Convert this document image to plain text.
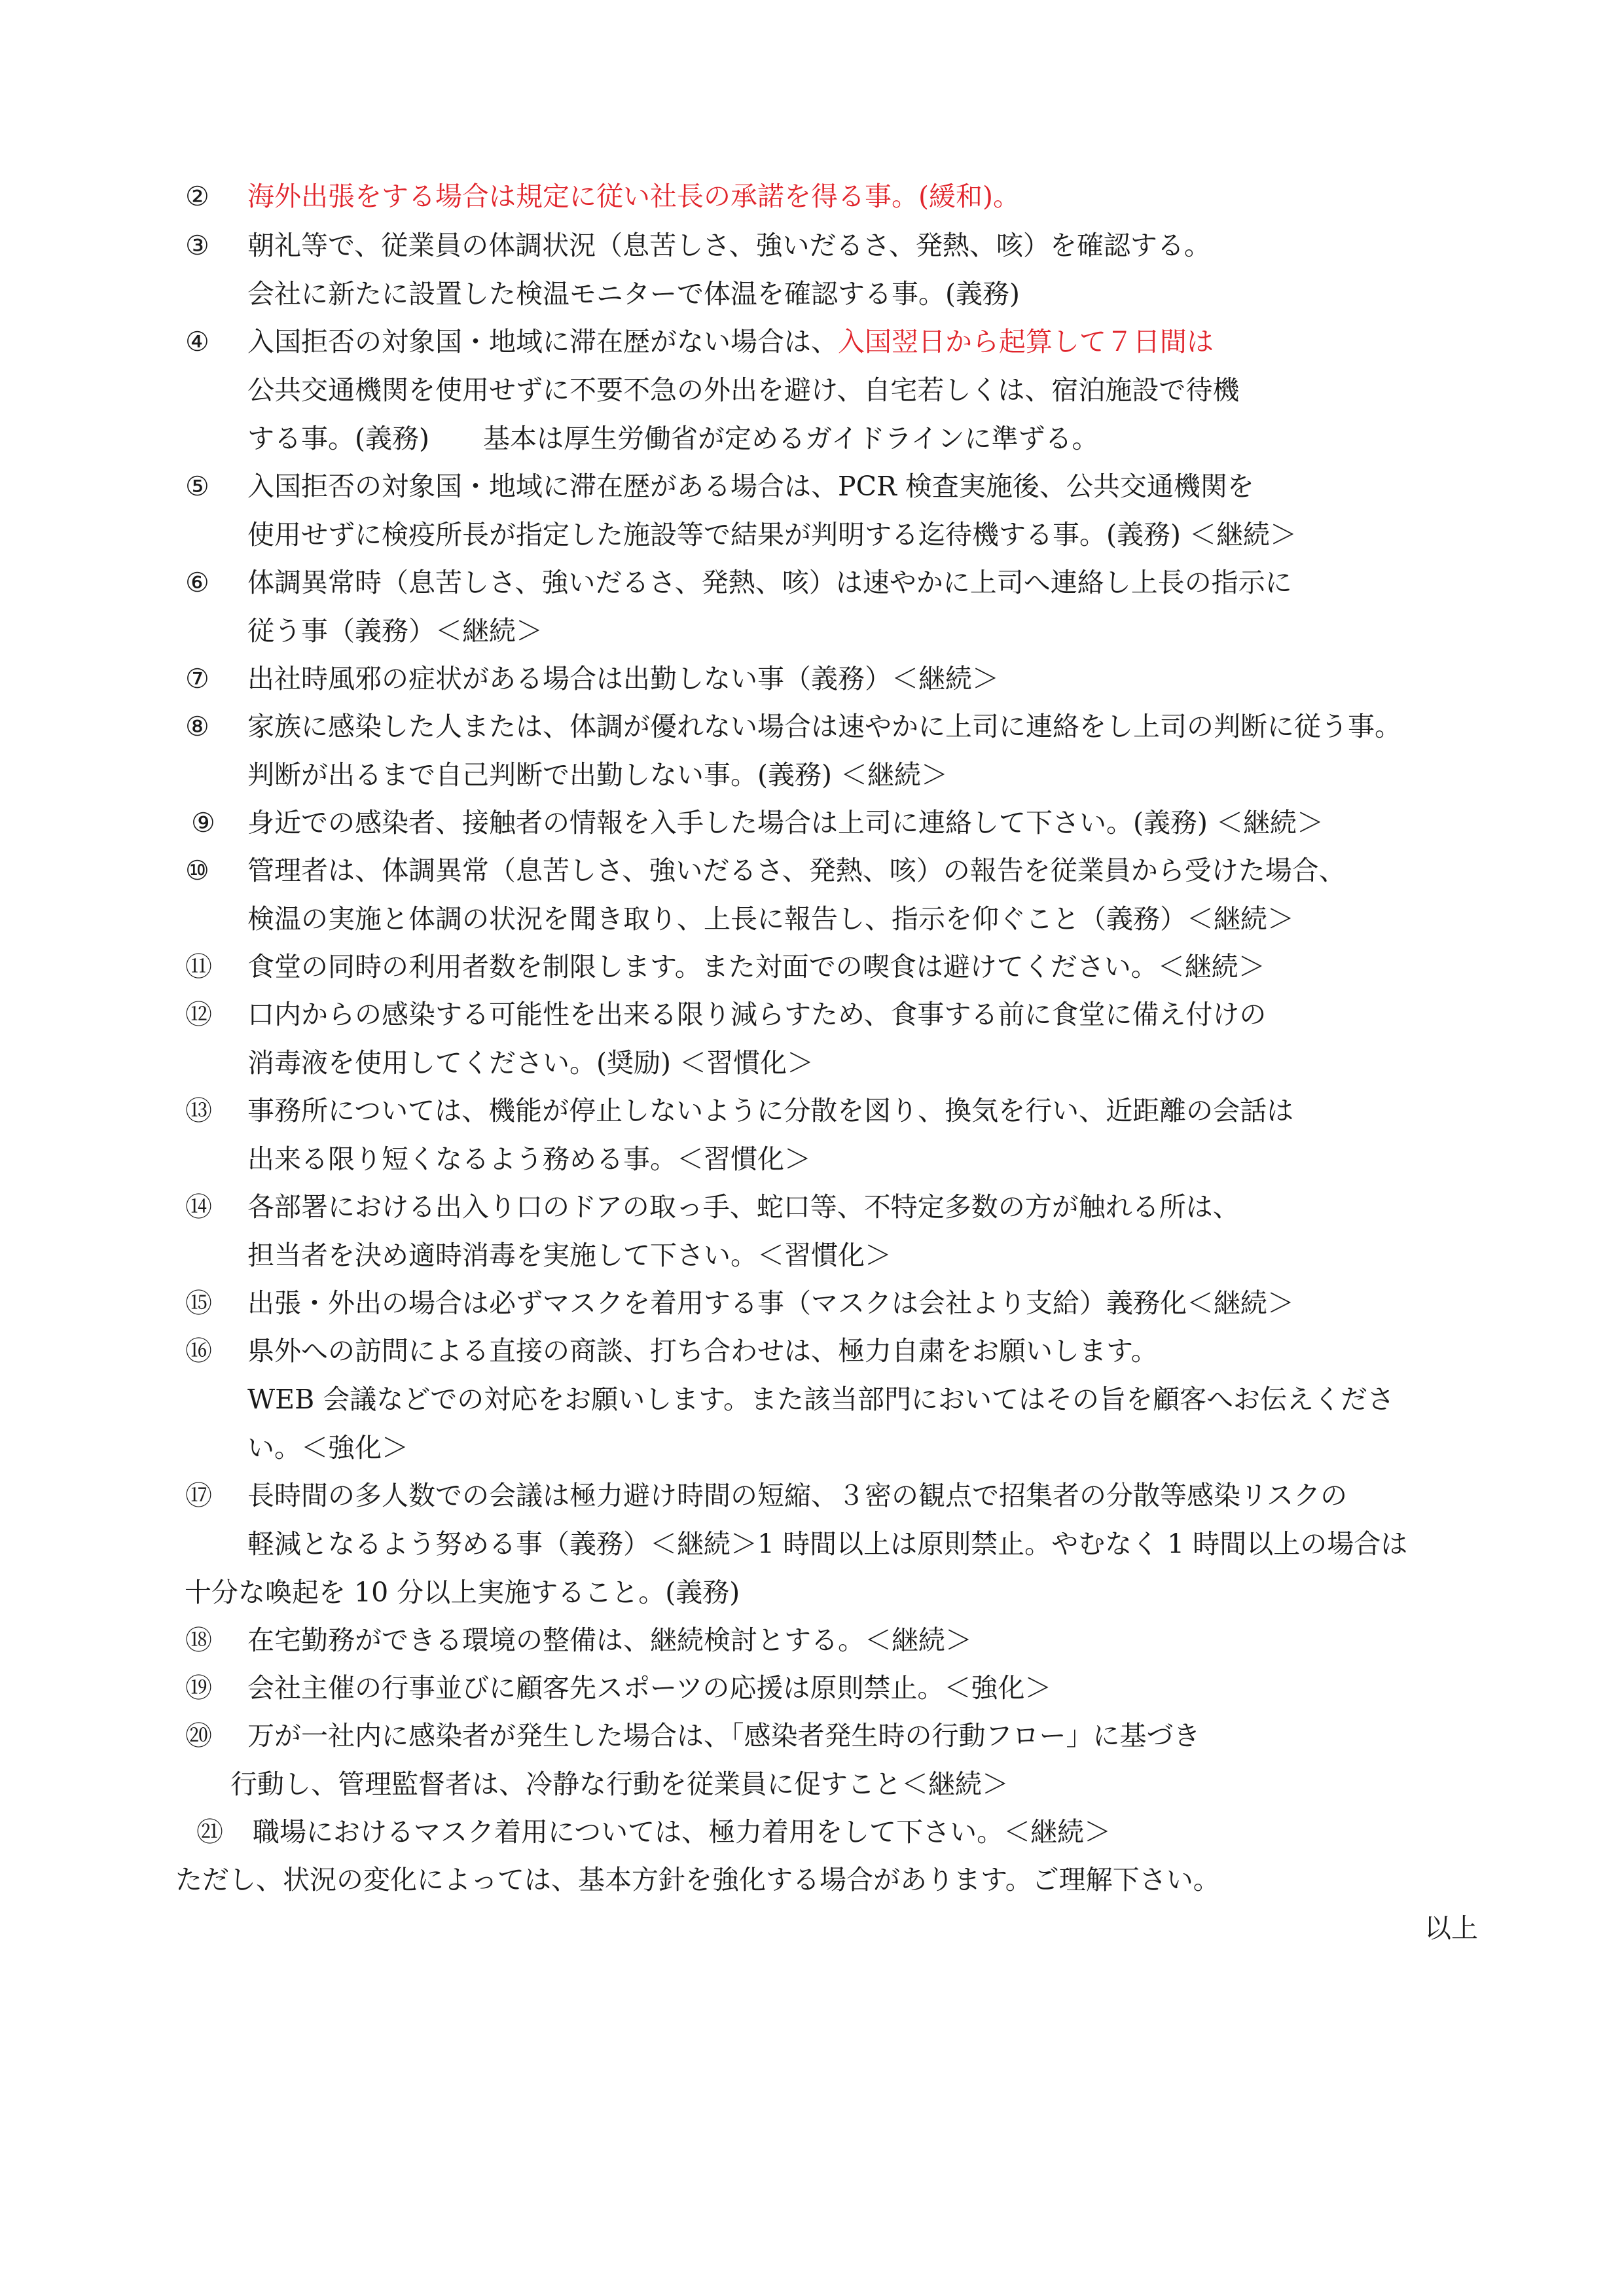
② 海外出張をする場合は規定に従い社長の承諾を得る事。(緩和)。
③ 朝礼等で、従業員の体調状況（息苦しさ、強いだるさ、発熱、咳）を確認する。
会社に新たに設置した検温モニターで体温を確認する事。(義務)
④ 入国拒否の対象国・地域に滞在歴がない場合は、入国翌日から起算して７日間は
公共交通機関を使用せずに不要不急の外出を避け、自宅若しくは、宿泊施設で待機
する事。(義務)　　基本は厚生労働省が定めるガイドラインに準ずる。
⑤ 入国拒否の対象国・地域に滞在歴がある場合は、PCR 検査実施後、公共交通機関を
使用せずに検疫所長が指定した施設等で結果が判明する迄待機する事。(義務) ＜継続＞
⑥ 体調異常時（息苦しさ、強いだるさ、発熱、咳）は速やかに上司へ連絡し上長の指示に
従う事（義務）＜継続＞
⑦ 出社時風邪の症状がある場合は出勤しない事（義務）＜継続＞
⑧ 家族に感染した人または、体調が優れない場合は速やかに上司に連絡をし上司の判断に従う事。
判断が出るまで自己判断で出勤しない事。(義務) ＜継続＞
⑨ 身近での感染者、接触者の情報を入手した場合は上司に連絡して下さい。(義務) ＜継続＞
⑩ 管理者は、体調異常（息苦しさ、強いだるさ、発熱、咳）の報告を従業員から受けた場合、
検温の実施と体調の状況を聞き取り、上長に報告し、指示を仰ぐこと（義務）＜継続＞
⑪ 食堂の同時の利用者数を制限します。また対面での喫食は避けてください。＜継続＞
⑫ 口内からの感染する可能性を出来る限り減らすため、食事する前に食堂に備え付けの
消毒液を使用してください。(奨励) ＜習慣化＞
⑬ 事務所については、機能が停止しないように分散を図り、換気を行い、近距離の会話は
出来る限り短くなるよう務める事。＜習慣化＞
⑭ 各部署における出入り口のドアの取っ手、蛇口等、不特定多数の方が触れる所は、
担当者を決め適時消毒を実施して下さい。＜習慣化＞
⑮ 出張・外出の場合は必ずマスクを着用する事（マスクは会社より支給）義務化＜継続＞
⑯ 県外への訪問による直接の商談、打ち合わせは、極力自粛をお願いします。
WEB 会議などでの対応をお願いします。また該当部門においてはその旨を顧客へお伝えくださ
い。＜強化＞
⑰ 長時間の多人数での会議は極力避け時間の短縮、３密の観点で招集者の分散等感染リスクの
軽減となるよう努める事（義務）＜継続＞1 時間以上は原則禁止。やむなく 1 時間以上の場合は
十分な喚起を 10 分以上実施すること。(義務)
⑱ 在宅勤務ができる環境の整備は、継続検討とする。＜継続＞
⑲ 会社主催の行事並びに顧客先スポーツの応援は原則禁止。＜強化＞
⑳ 万が一社内に感染者が発生した場合は、「感染者発生時の行動フロー」に基づき
行動し、管理監督者は、冷静な行動を従業員に促すこと＜継続＞
㉑ 職場におけるマスク着用については、極力着用をして下さい。＜継続＞
ただし、状況の変化によっては、基本方針を強化する場合があります。ご理解下さい。
以上
